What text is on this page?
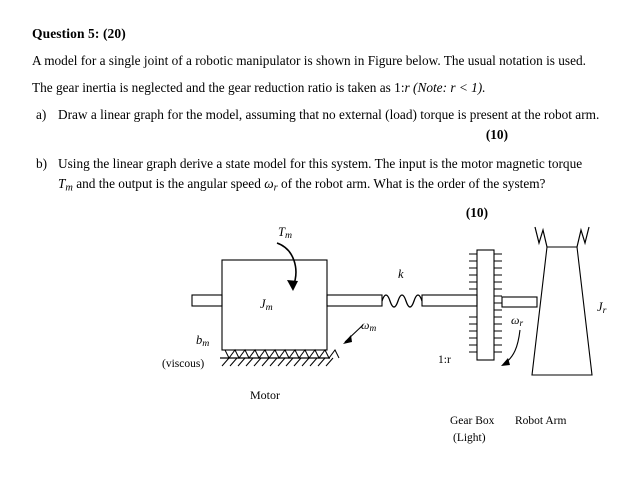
Question 5: (20)
A model for a single joint of a robotic manipulator is shown in Figure below. The usual notation is used.
The gear inertia is neglected and the gear reduction ratio is taken as 1:r (Note: r < 1).
a) Draw a linear graph for the model, assuming that no external (load) torque is present at the robot arm.
(10)
b) Using the linear graph derive a state model for this system. The input is the motor magnetic torque
$T_m$ and the output is the angular speed $\omega_r$ of the robot arm. What is the order of the system?
(10)
$T_m$
$J_m$
$\omega_m$
$b_m$
(viscous)
Motor
k
1:r
$\omega_r$
$J_r$
Gear Box
(Light)
Robot Arm
